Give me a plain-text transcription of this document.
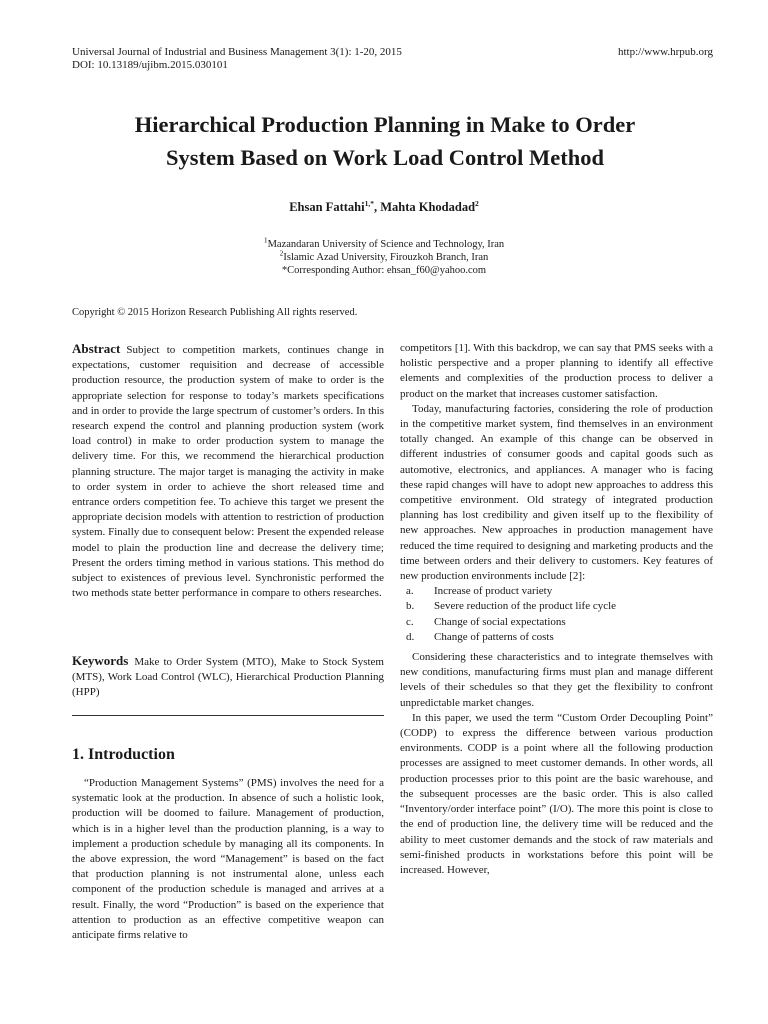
Universal Journal of Industrial and Business Management 3(1): 1-20, 2015

DOI: 10.13189/ujibm.2015.030101

http://www.hrpub.org

Hierarchical Production Planning in Make to Order
System Based on Work Load Control Method
Ehsan Fattahi$^{1,*}$, Mahta Khodadad$^2$
$^1$Mazandaran University of Science and Technology, Iran
$^2$Islamic Azad University, Firouzkoh Branch, Iran
*Corresponding Author: ehsan_f60@yahoo.com
Copyright © 2015 Horizon Research Publishing All rights reserved.

Abstract Subject to competition markets, continues change in expectations, customer requisition and decrease of accessible production resource, the production system of make to order is the appropriate selection for response to today’s markets specifications and in order to provide the large spectrum of customer’s orders. In this research expend the control and planning production system (work load control) in make to order production system to manage the delivery time. For this, we recommend the hierarchical production planning structure. The major target is managing the activity in make to order system in order to achieve the short released time and entrance orders competition fee. To achieve this target we present the appropriate decision models with attention to restriction of production system. Finally due to consequent below: Present the expended release model to plain the production line and decrease the delivery time; Present the orders timing method in various stations. This method do subject to existences of previous level. Synchronistic performed the two methods state better performance in compare to others researches.

Keywords Make to Order System (MTO), Make to Stock System (MTS), Work Load Control (WLC), Hierarchical Production Planning (HPP)

1. Introduction

“Production Management Systems” (PMS) involves the need for a systematic look at the production. In absence of such a holistic look, production will be doomed to failure. Management of production, which is in a higher level than the production planning, is a way to implement a production schedule by managing all its components. In the above expression, the word “Management” is based on the fact that production planning is not instrumental alone, unless each component of the production schedule is managed and arrives at a result. Finally, the word “Production” is based on the experience that attention to production as an effective competitive weapon can anticipate firms relative to

competitors [1]. With this backdrop, we can say that PMS seeks with a holistic perspective and a proper planning to identify all effective elements and complexities of the production process to deliver a product on the market that increases customer satisfaction.

Today, manufacturing factories, considering the role of production in the competitive market system, find themselves in an environment totally changed. An example of this change can be observed in different industries of consumer goods and capital goods such as automotive, electronics, and appliances. A manager who is facing these rapid changes will have to adopt new approaches to address this competitive environment. Old strategy of integrated production planning has lost credibility and given itself up to the flexibility of new approaches. New approaches in production management have reduced the time required to designing and marketing products and the time between orders and their delivery to customers. Key features of new production environments include [2]:

a.	Increase of product variety
b.	Severe reduction of the product life cycle
c.	Change of social expectations
d.	Change of patterns of costs

Considering these characteristics and to integrate themselves with new conditions, manufacturing firms must plan and manage different levels of their schedules so that they get the flexibility to confront unpredictable market changes.

In this paper, we used the term “Custom Order Decoupling Point” (CODP) to express the difference between various production environments. CODP is a point where all the following production processes are assigned to meet customer demands. In other words, all production processes prior to this point are the basic warehouse, and the subsequent processes are the basic order. This is also called “Inventory/order interface point” (I/O). The more this point is close to the end of production line, the delivery time will be reduced and the ability to meet customer demands and the stock of raw materials and semi-finished products in workstations before this point will be increased. However,
